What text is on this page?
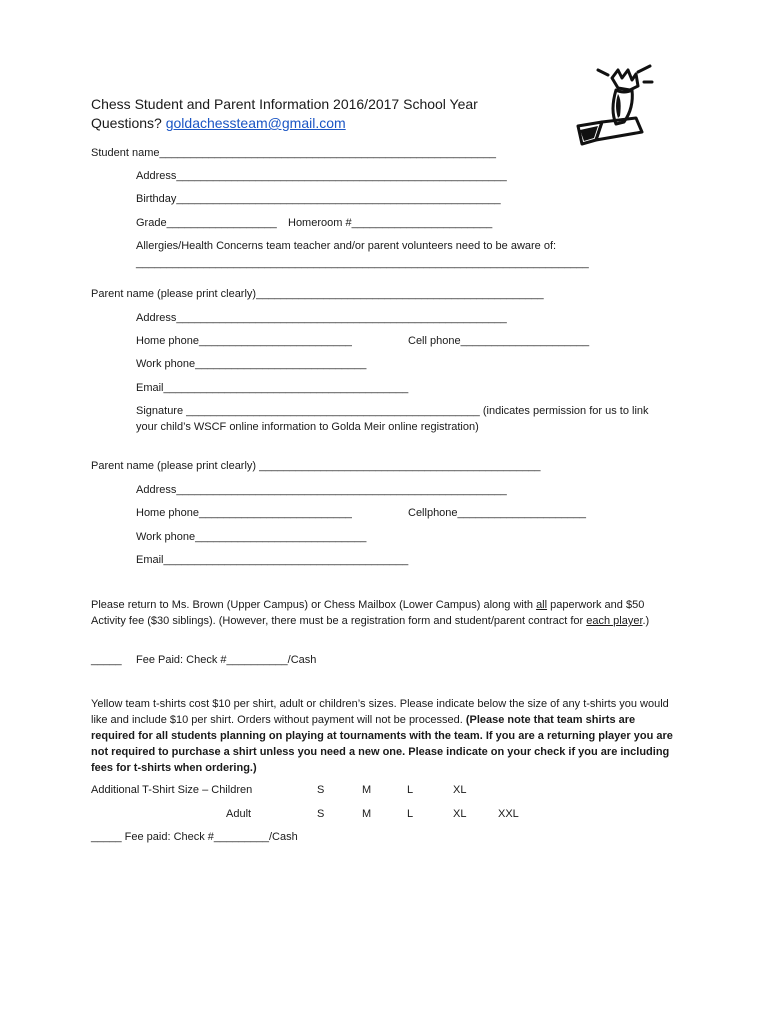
Chess Student and Parent Information 2016/2017 School Year
Questions? goldachessteam@gmail.com
Student name_______________________________________________________
Address______________________________________________________
Birthday_____________________________________________________
Grade__________________ Homeroom #_______________________
Allergies/Health Concerns team teacher and/or parent volunteers need to be aware of:
__________________________________________________________________________
Parent name (please print clearly)_______________________________________________
Address______________________________________________________
Home phone_________________________	Cell phone_____________________
Work phone____________________________
Email________________________________________
Signature ________________________________________________ (indicates permission for us to link
your child’s WSCF online information to Golda Meir online registration)
Parent name (please print clearly) ______________________________________________
Address______________________________________________________
Home phone_________________________	Cellphone_____________________
Work phone____________________________
Email________________________________________
Please return to Ms. Brown (Upper Campus) or Chess Mailbox (Lower Campus) along with all paperwork and $50 Activity fee ($30 siblings). (However, there must be a registration form and student/parent contract for each player.)
_____ Fee Paid: Check #__________/Cash
Yellow team t-shirts cost $10 per shirt, adult or children’s sizes. Please indicate below the size of any t-shirts you would like and include $10 per shirt. Orders without payment will not be processed. (Please note that team shirts are required for all students planning on playing at tournaments with the team. If you are a returning player you are not required to purchase a shirt unless you need a new one. Please indicate on your check if you are including fees for t-shirts when ordering.)
Additional T-Shirt Size – Children	S	M	L	XL
Adult	S	M	L	XL	XXL
_____ Fee paid: Check #_________/Cash
